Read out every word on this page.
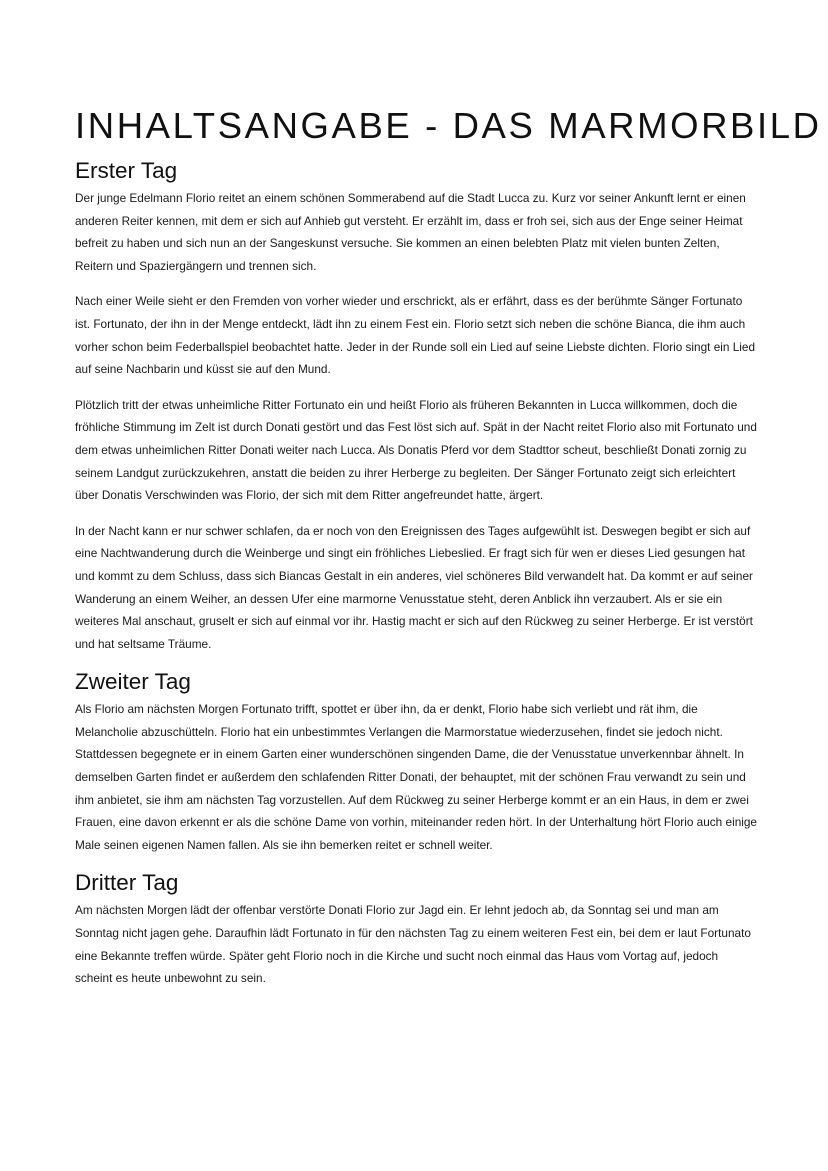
INHALTSANGABE - DAS MARMORBILD
Erster Tag

Der junge Edelmann Florio reitet an einem schönen Sommerabend auf die Stadt Lucca zu. Kurz vor seiner Ankunft lernt er einen anderen Reiter kennen, mit dem er sich auf Anhieb gut versteht. Er erzählt im, dass er froh sei, sich aus der Enge seiner Heimat befreit zu haben und sich nun an der Sangeskunst versuche. Sie kommen an einen belebten Platz mit vielen bunten Zelten, Reitern und Spaziergängern und trennen sich.

Nach einer Weile sieht er den Fremden von vorher wieder und erschrickt, als er erfährt, dass es der berühmte Sänger Fortunato ist. Fortunato, der ihn in der Menge entdeckt, lädt ihn zu einem Fest ein. Florio setzt sich neben die schöne Bianca, die ihm auch vorher schon beim Federballspiel beobachtet hatte. Jeder in der Runde soll ein Lied auf seine Liebste dichten. Florio singt ein Lied auf seine Nachbarin und küsst sie auf den Mund.

Plötzlich tritt der etwas unheimliche Ritter Fortunato ein und heißt Florio als früheren Bekannten in Lucca willkommen, doch die fröhliche Stimmung im Zelt ist durch Donati gestört und das Fest löst sich auf. Spät in der Nacht reitet Florio also mit Fortunato und dem etwas unheimlichen Ritter Donati weiter nach Lucca. Als Donatis Pferd vor dem Stadttor scheut, beschließt Donati zornig zu seinem Landgut zurückzukehren, anstatt die beiden zu ihrer Herberge zu begleiten. Der Sänger Fortunato zeigt sich erleichtert über Donatis Verschwinden was Florio, der sich mit dem Ritter angefreundet hatte, ärgert.

In der Nacht kann er nur schwer schlafen, da er noch von den Ereignissen des Tages aufgewühlt ist. Deswegen begibt er sich auf eine Nachtwanderung durch die Weinberge und singt ein fröhliches Liebeslied. Er fragt sich für wen er dieses Lied gesungen hat und kommt zu dem Schluss, dass sich Biancas Gestalt in ein anderes, viel schöneres Bild verwandelt hat. Da kommt er auf seiner Wanderung an einem Weiher, an dessen Ufer eine marmorne Venusstatue steht, deren Anblick ihn verzaubert. Als er sie ein weiteres Mal anschaut, gruselt er sich auf einmal vor ihr. Hastig macht er sich auf den Rückweg zu seiner Herberge. Er ist verstört und hat seltsame Träume.

Zweiter Tag

Als Florio am nächsten Morgen Fortunato trifft, spottet er über ihn, da er denkt, Florio habe sich verliebt und rät ihm, die Melancholie abzuschütteln. Florio hat ein unbestimmtes Verlangen die Marmorstatue wiederzusehen, findet sie jedoch nicht. Stattdessen begegnete er in einem Garten einer wunderschönen singenden Dame, die der Venusstatue unverkennbar ähnelt. In demselben Garten findet er außerdem den schlafenden Ritter Donati, der behauptet, mit der schönen Frau verwandt zu sein und ihm anbietet, sie ihm am nächsten Tag vorzustellen. Auf dem Rückweg zu seiner Herberge kommt er an ein Haus, in dem er zwei Frauen, eine davon erkennt er als die schöne Dame von vorhin, miteinander reden hört. In der Unterhaltung hört Florio auch einige Male seinen eigenen Namen fallen. Als sie ihn bemerken reitet er schnell weiter.

Dritter Tag

Am nächsten Morgen lädt der offenbar verstörte Donati Florio zur Jagd ein. Er lehnt jedoch ab, da Sonntag sei und man am Sonntag nicht jagen gehe. Daraufhin lädt Fortunato in für den nächsten Tag zu einem weiteren Fest ein, bei dem er laut Fortunato eine Bekannte treffen würde. Später geht Florio noch in die Kirche und sucht noch einmal das Haus vom Vortag auf, jedoch scheint es heute unbewohnt zu sein.
